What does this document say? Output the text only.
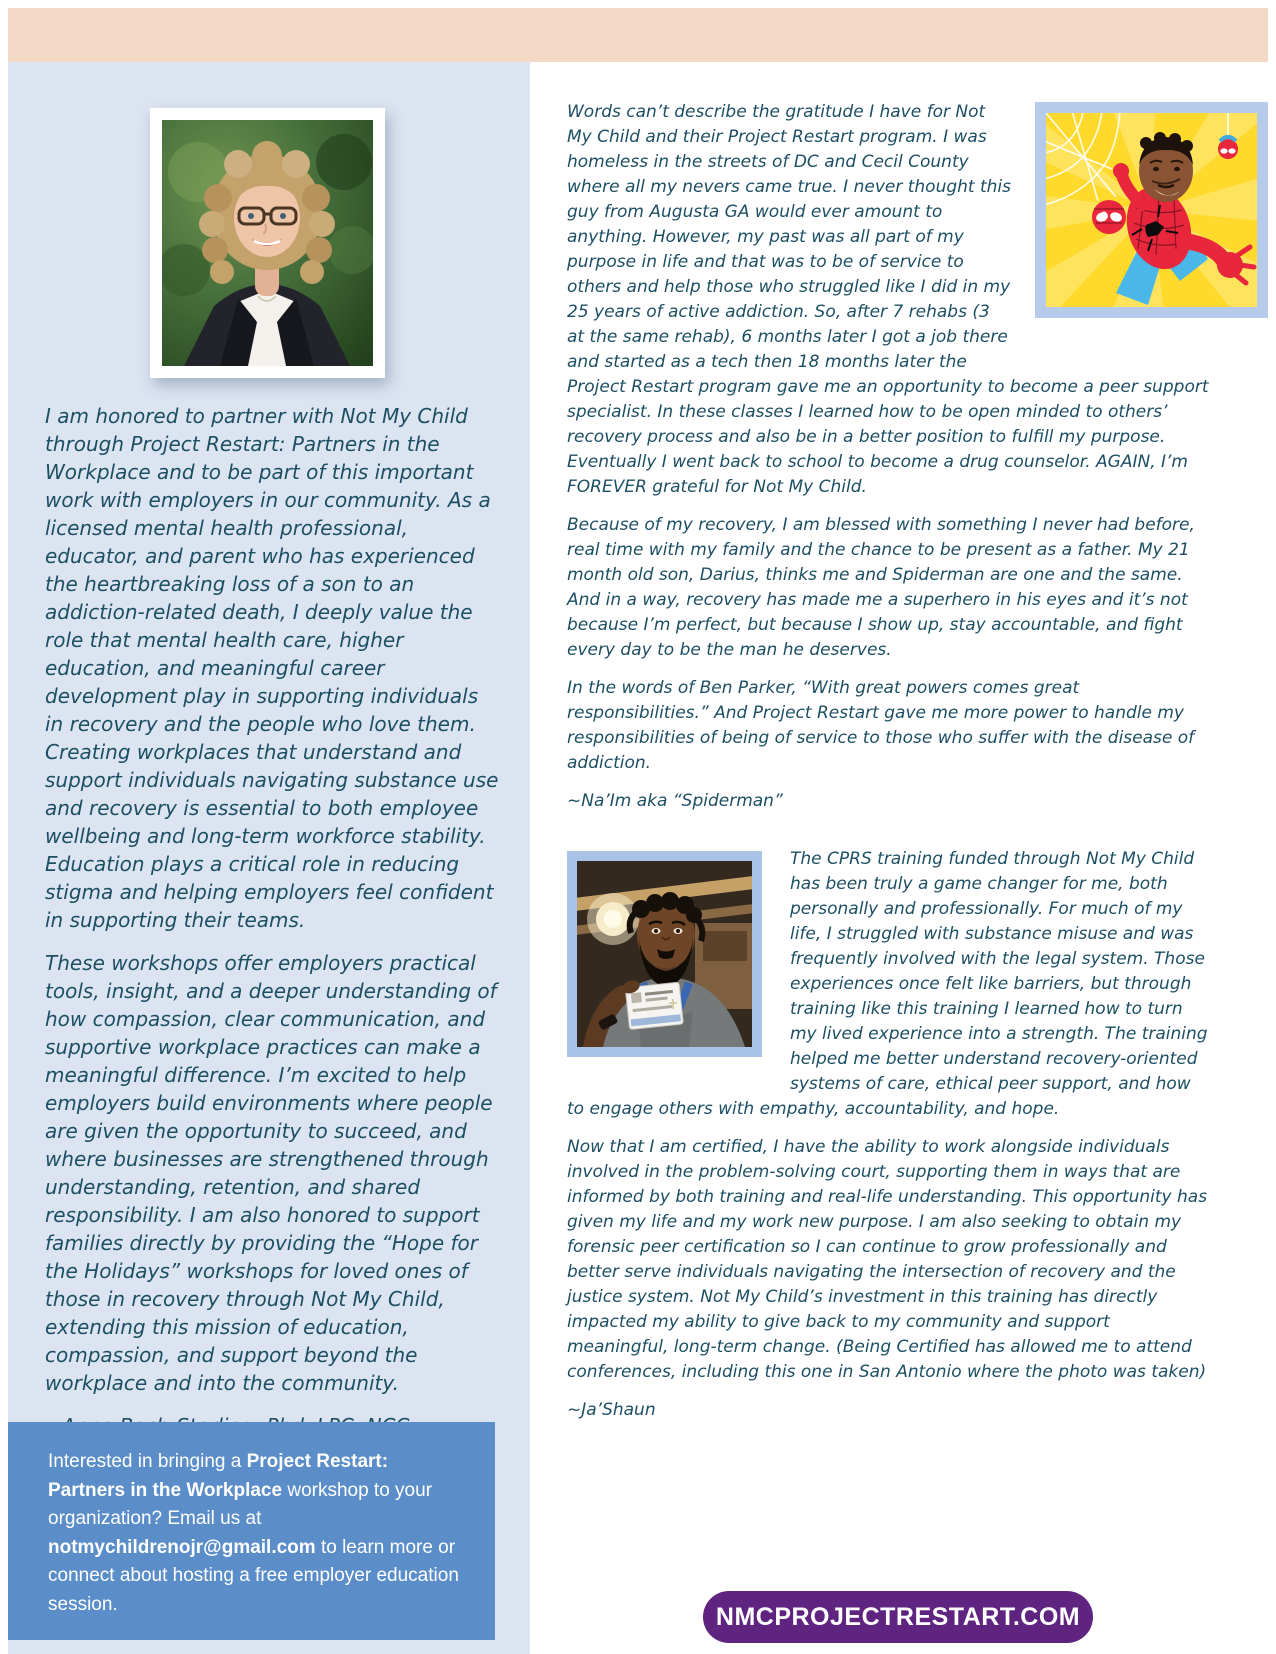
I am honored to partner with Not My Child through Project Restart: Partners in the Workplace and to be part of this important work with employers in our community. As a licensed mental health professional, educator, and parent who has experienced the heartbreaking loss of a son to an addiction-related death, I deeply value the role that mental health care, higher education, and meaningful career development play in supporting individuals in recovery and the people who love them. Creating workplaces that understand and support individuals navigating substance use and recovery is essential to both employee wellbeing and long-term workforce stability. Education plays a critical role in reducing stigma and helping employers feel confident in supporting their teams.

These workshops offer employers practical tools, insight, and a deeper understanding of how compassion, clear communication, and supportive workplace practices can make a meaningful difference. I’m excited to help employers build environments where people are given the opportunity to succeed, and where businesses are strengthened through understanding, retention, and shared responsibility. I am also honored to support families directly by providing the “Hope for the Holidays” workshops for loved ones of those in recovery through Not My Child, extending this mission of education, compassion, and support beyond the workplace and into the community.

Interested in bringing a Project Restart: Partners in the Workplace workshop to your organization? Email us at notmychildrenojr@gmail.com to learn more or connect about hosting a free employer education session.

Words can’t describe the gratitude I have for Not My Child and their Project Restart program. I was homeless in the streets of DC and Cecil County where all my nevers came true. I never thought this guy from Augusta GA would ever amount to anything. However, my past was all part of my purpose in life and that was to be of service to others and help those who struggled like I did in my 25 years of active addiction. So, after 7 rehabs (3 at the same rehab), 6 months later I got a job there and started as a tech then 18 months later the Project Restart program gave me an opportunity to become a peer support specialist. In these classes I learned how to be open minded to others’ recovery process and also be in a better position to fulfill my purpose. Eventually I went back to school to become a drug counselor. AGAIN, I’m FOREVER grateful for Not My Child.

Because of my recovery, I am blessed with something I never had before, real time with my family and the chance to be present as a father. My 21 month old son, Darius, thinks me and Spiderman are one and the same. And in a way, recovery has made me a superhero in his eyes and it’s not because I’m perfect, but because I show up, stay accountable, and fight every day to be the man he deserves.

In the words of Ben Parker, “With great powers comes great responsibilities.” And Project Restart gave me more power to handle my responsibilities of being of service to those who suffer with the disease of addiction.

~Na’Im aka “Spiderman”

The CPRS training funded through Not My Child has been truly a game changer for me, both personally and professionally. For much of my life, I struggled with substance misuse and was frequently involved with the legal system. Those experiences once felt like barriers, but through training like this training I learned how to turn my lived experience into a strength. The training helped me better understand recovery-oriented systems of care, ethical peer support, and how to engage others with empathy, accountability, and hope.

Now that I am certified, I have the ability to work alongside individuals involved in the problem-solving court, supporting them in ways that are informed by both training and real-life understanding. This opportunity has given my life and my work new purpose. I am also seeking to obtain my forensic peer certification so I can continue to grow professionally and better serve individuals navigating the intersection of recovery and the justice system. Not My Child’s investment in this training has directly impacted my ability to give back to my community and support meaningful, long-term change. (Being Certified has allowed me to attend conferences, including this one in San Antonio where the photo was taken)

~Ja’Shaun

NMCPROJECTRESTART.COM
